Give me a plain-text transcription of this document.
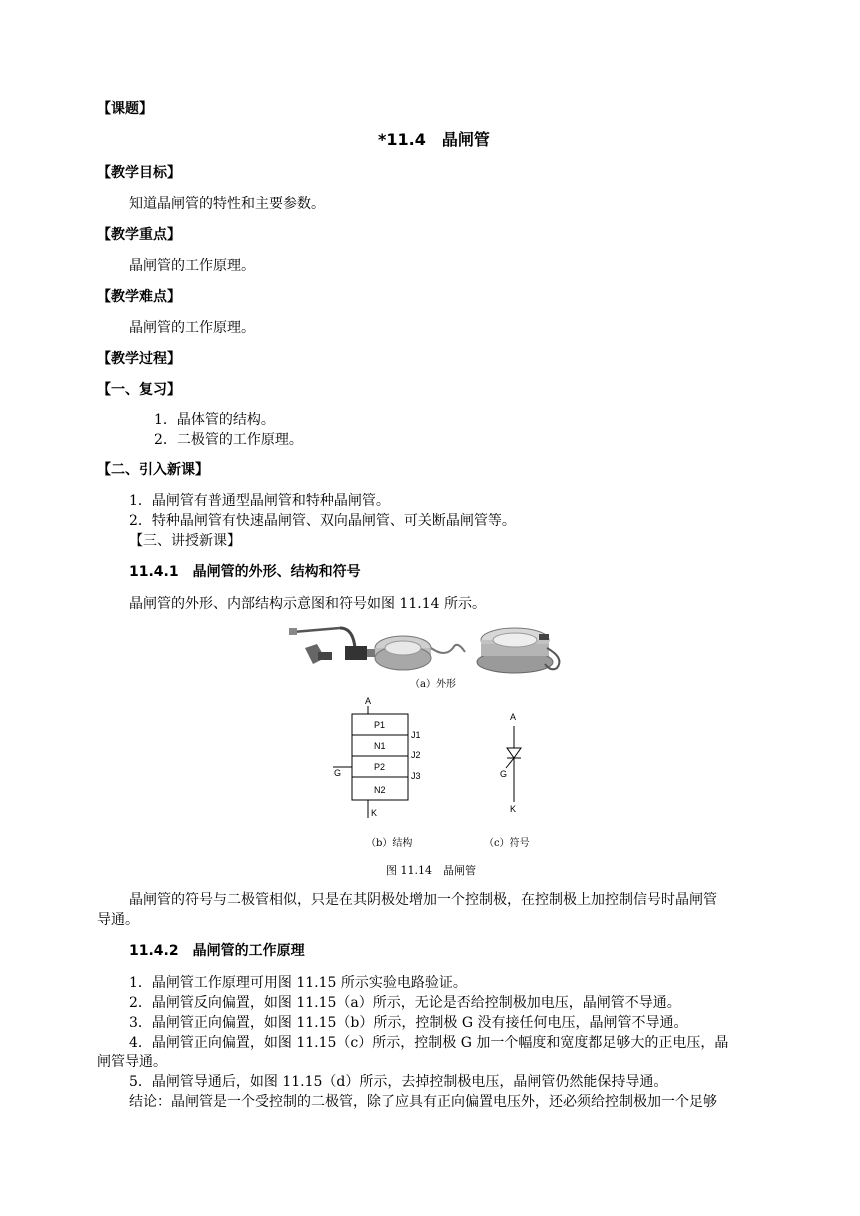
【课题】
*11.4　晶闸管
【教学目标】
知道晶闸管的特性和主要参数。
【教学重点】
晶闸管的工作原理。
【教学难点】
晶闸管的工作原理。
【教学过程】
【一、复习】
1．晶体管的结构。
2．二极管的工作原理。
【二、引入新课】
1．晶闸管有普通型晶闸管和特种晶闸管。
2．特种晶闸管有快速晶闸管、双向晶闸管、可关断晶闸管等。
【三、讲授新课】
11.4.1　晶闸管的外形、结构和符号
晶闸管的外形、内部结构示意图和符号如图 11.14 所示。
（a）外形
A
P1
N1
P2
N2
J1
J2
J3
G
K
A
G
K
（b）结构	（c）符号
图 11.14　晶闸管
晶闸管的符号与二极管相似，只是在其阴极处增加一个控制极，在控制极上加控制信号时晶闸管
导通。
11.4.2　晶闸管的工作原理
1．晶闸管工作原理可用图 11.15 所示实验电路验证。
2．晶闸管反向偏置，如图 11.15（a）所示，无论是否给控制极加电压，晶闸管不导通。
3．晶闸管正向偏置，如图 11.15（b）所示，控制极 G 没有接任何电压，晶闸管不导通。
4．晶闸管正向偏置，如图 11.15（c）所示，控制极 G 加一个幅度和宽度都足够大的正电压，晶
闸管导通。
5．晶闸管导通后，如图 11.15（d）所示，去掉控制极电压，晶闸管仍然能保持导通。
结论：晶闸管是一个受控制的二极管，除了应具有正向偏置电压外，还必须给控制极加一个足够
